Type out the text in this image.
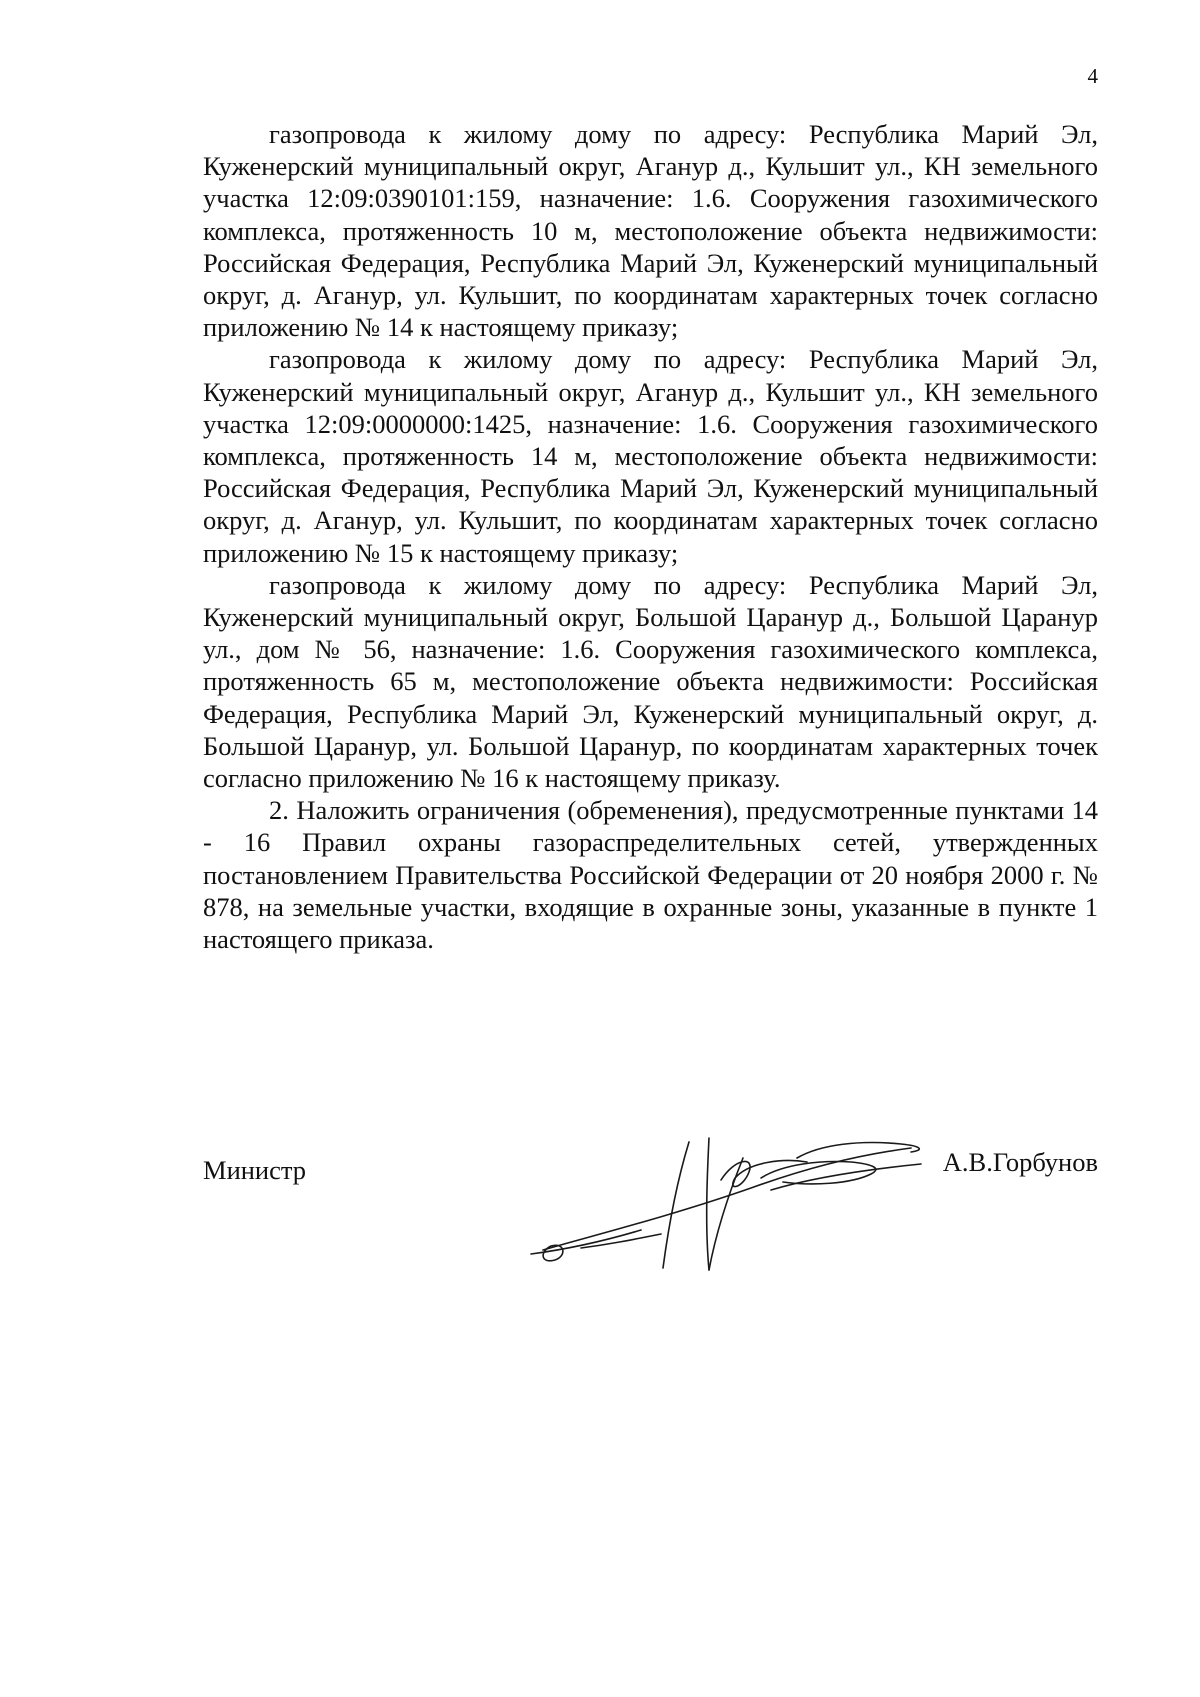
4

газопровода к жилому дому по адресу: Республика Марий Эл, Куженерский муниципальный округ, Аганур д., Кульшит ул., КН земельного участка 12:09:0390101:159, назначение: 1.6. Сооружения газохимического комплекса, протяженность 10 м, местоположение объекта недвижимости: Российская Федерация, Республика Марий Эл, Куженерский муниципальный округ, д. Аганур, ул. Кульшит, по координатам характерных точек согласно приложению № 14 к настоящему приказу;

газопровода к жилому дому по адресу: Республика Марий Эл, Куженерский муниципальный округ, Аганур д., Кульшит ул., КН земельного участка 12:09:0000000:1425, назначение: 1.6. Сооружения газохимического комплекса, протяженность 14 м, местоположение объекта недвижимости: Российская Федерация, Республика Марий Эл, Куженерский муниципальный округ, д. Аганур, ул. Кульшит, по координатам характерных точек согласно приложению № 15 к настоящему приказу;

газопровода к жилому дому по адресу: Республика Марий Эл, Куженерский муниципальный округ, Большой Царанур д., Большой Царанур ул., дом № 56, назначение: 1.6. Сооружения газохимического комплекса, протяженность 65 м, местоположение объекта недвижимости: Российская Федерация, Республика Марий Эл, Куженерский муниципальный округ, д. Большой Царанур, ул. Большой Царанур, по координатам характерных точек согласно приложению № 16 к настоящему приказу.

2. Наложить ограничения (обременения), предусмотренные пунктами 14 - 16 Правил охраны газораспределительных сетей, утвержденных постановлением Правительства Российской Федерации от 20 ноября 2000 г. № 878, на земельные участки, входящие в охранные зоны, указанные в пункте 1 настоящего приказа.

Министр	А.В.Горбунов
